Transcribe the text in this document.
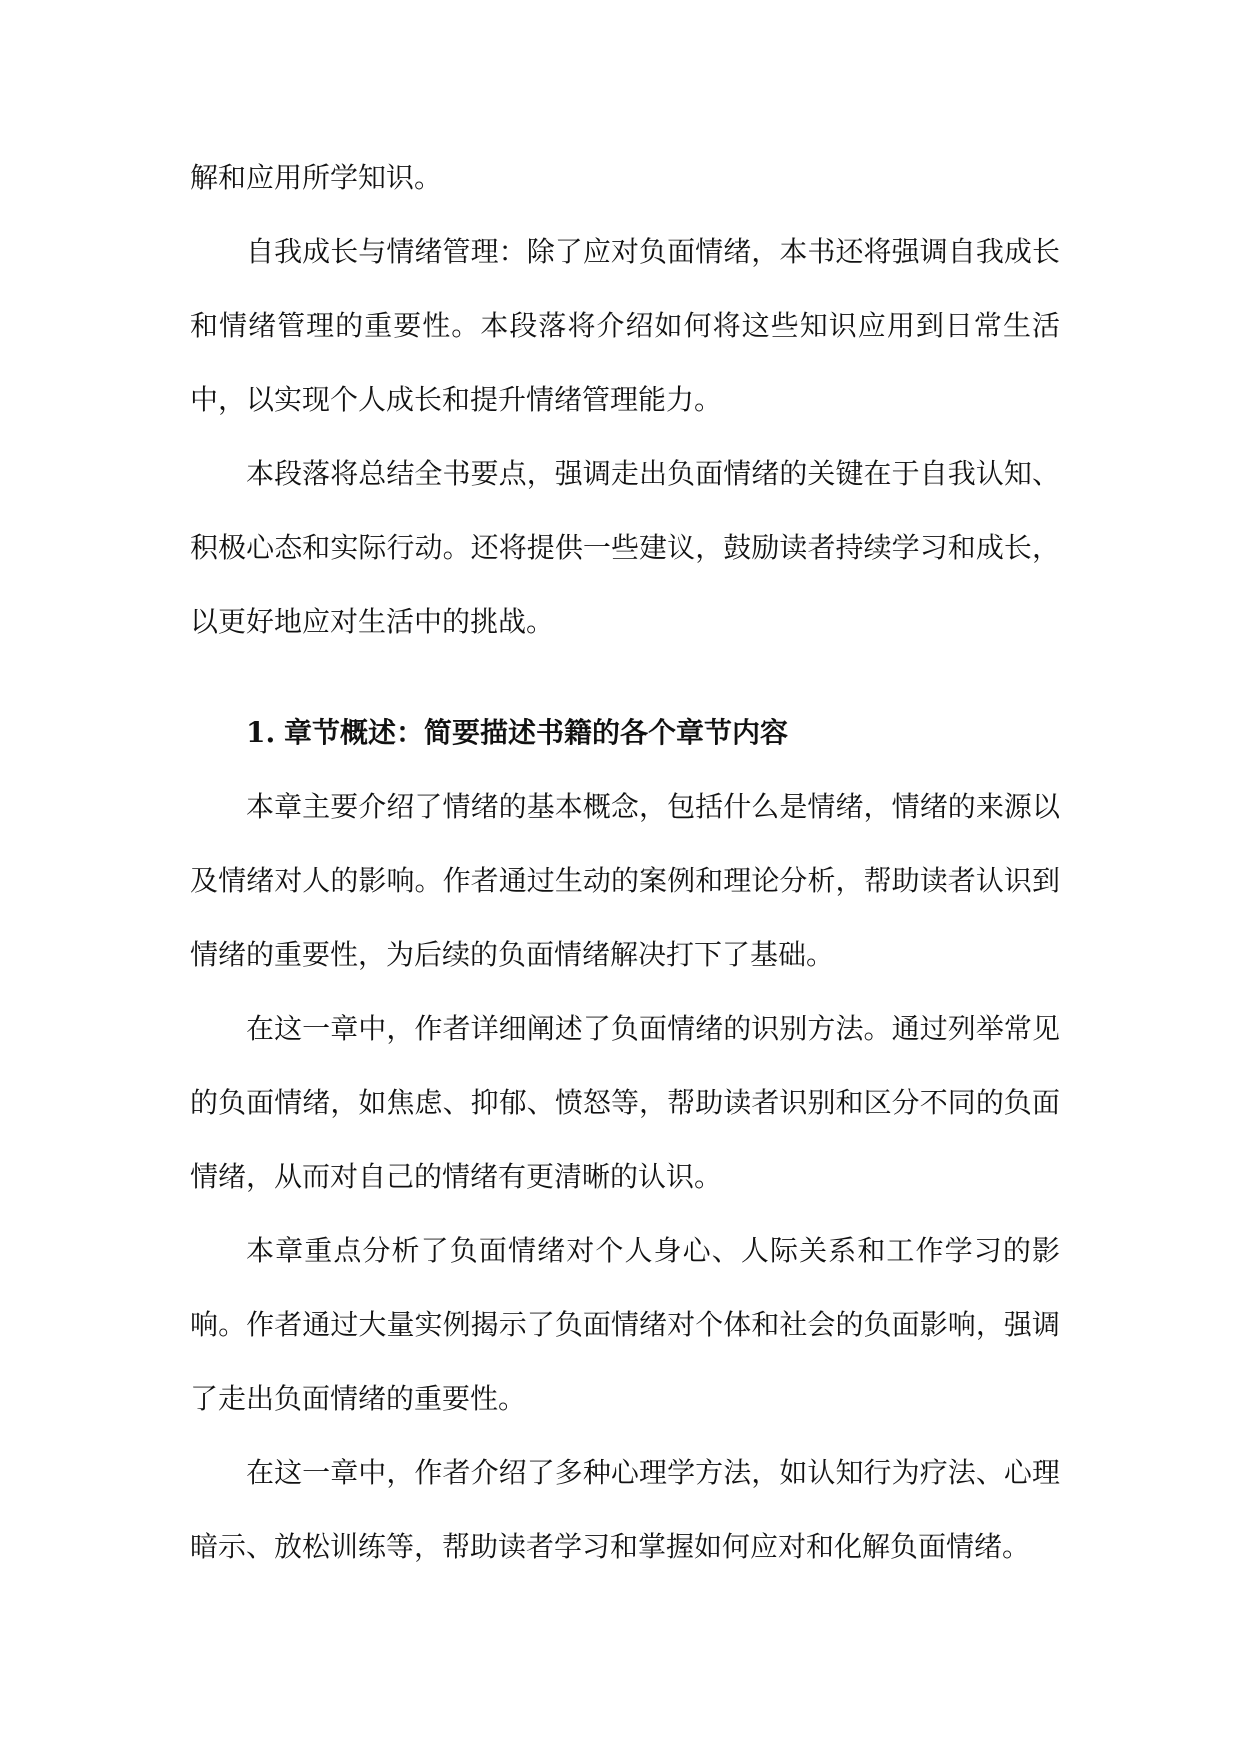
解和应用所学知识。

自我成长与情绪管理：除了应对负面情绪，本书还将强调自我成长和情绪管理的重要性。本段落将介绍如何将这些知识应用到日常生活中，以实现个人成长和提升情绪管理能力。

本段落将总结全书要点，强调走出负面情绪的关键在于自我认知、积极心态和实际行动。还将提供一些建议，鼓励读者持续学习和成长，以更好地应对生活中的挑战。

1. 章节概述：简要描述书籍的各个章节内容

本章主要介绍了情绪的基本概念，包括什么是情绪，情绪的来源以及情绪对人的影响。作者通过生动的案例和理论分析，帮助读者认识到情绪的重要性，为后续的负面情绪解决打下了基础。

在这一章中，作者详细阐述了负面情绪的识别方法。通过列举常见的负面情绪，如焦虑、抑郁、愤怒等，帮助读者识别和区分不同的负面情绪，从而对自己的情绪有更清晰的认识。

本章重点分析了负面情绪对个人身心、人际关系和工作学习的影响。作者通过大量实例揭示了负面情绪对个体和社会的负面影响，强调了走出负面情绪的重要性。

在这一章中，作者介绍了多种心理学方法，如认知行为疗法、心理暗示、放松训练等，帮助读者学习和掌握如何应对和化解负面情绪。
